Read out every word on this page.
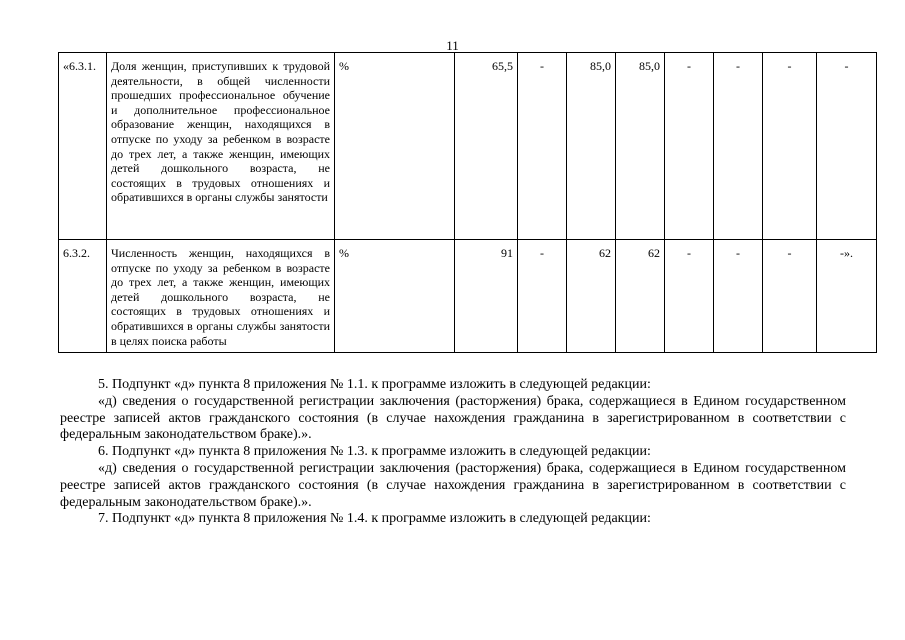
11
«6.3.1.	Доля женщин, приступивших к трудовой деятельности, в общей численности прошедших профессиональное обучение и дополнительное профессиональное образование женщин, находящихся в отпуске по уходу за ребенком в возрасте до трех лет, а также женщин, имеющих детей дошкольного возраста, не состоящих в трудовых отношениях и обратившихся в органы службы занятости	%	65,5	-	85,0	85,0	-	-	-	-
6.3.2.	Численность женщин, находящихся в отпуске по уходу за ребенком в возрасте до трех лет, а также женщин, имеющих детей дошкольного возраста, не состоящих в трудовых отношениях и обратившихся в органы службы занятости в целях поиска работы	%	91	-	62	62	-	-	-	-».

5. Подпункт «д» пункта 8 приложения № 1.1. к программе изложить в следующей редакции:

«д) сведения о государственной регистрации заключения (расторжения) брака, содержащиеся в Едином государственном реестре записей актов гражданского состояния (в случае нахождения гражданина в зарегистрированном в соответствии с федеральным законодательством браке).».

6. Подпункт «д» пункта 8 приложения № 1.3. к программе изложить в следующей редакции:

«д) сведения о государственной регистрации заключения (расторжения) брака, содержащиеся в Едином государственном реестре записей актов гражданского состояния (в случае нахождения гражданина в зарегистрированном в соответствии с федеральным законодательством браке).».

7. Подпункт «д» пункта 8 приложения № 1.4. к программе изложить в следующей редакции:
